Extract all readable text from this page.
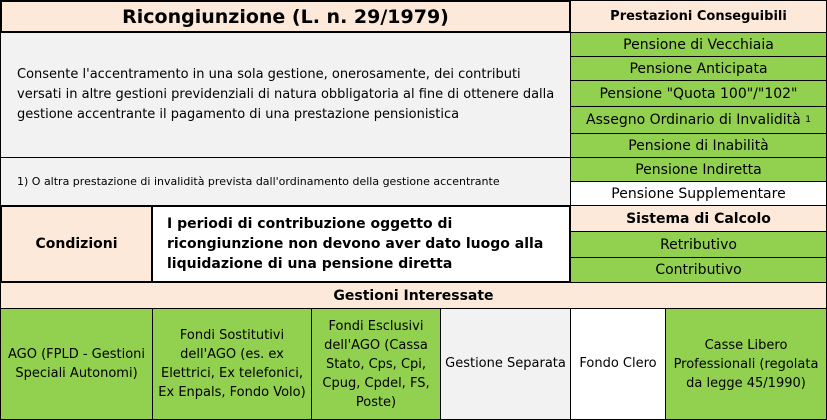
Ricongiunzione (L. n. 29/1979)
Consente l'accentramento in una sola gestione, onerosamente, dei contributi versati in altre gestioni previdenziali di natura obbligatoria al fine di ottenere dalla gestione accentrante il pagamento di una prestazione pensionistica
1) O altra prestazione di invalidità prevista dall'ordinamento della gestione accentrante
Prestazioni Conseguibili
Pensione di Vecchiaia
Pensione Anticipata
Pensione "Quota 100"/"102"
Assegno Ordinario di Invalidità
1
Pensione di Inabilità
Pensione Indiretta
Pensione Supplementare
Condizioni
I periodi di contribuzione oggetto di ricongiunzione non devono aver dato luogo alla liquidazione di una pensione diretta
Sistema di Calcolo
Retributivo
Contributivo
Gestioni Interessate
AGO (FPLD - Gestioni Speciali Autonomi)
Fondi Sostitutivi dell'AGO (es. ex Elettrici, Ex telefonici, Ex Enpals, Fondo Volo)
Fondi Esclusivi dell'AGO (Cassa Stato, Cps, Cpi, Cpug, Cpdel, FS, Poste)
Gestione Separata	Fondo Clero
Casse Libero Professionali (regolata da legge 45/1990)
